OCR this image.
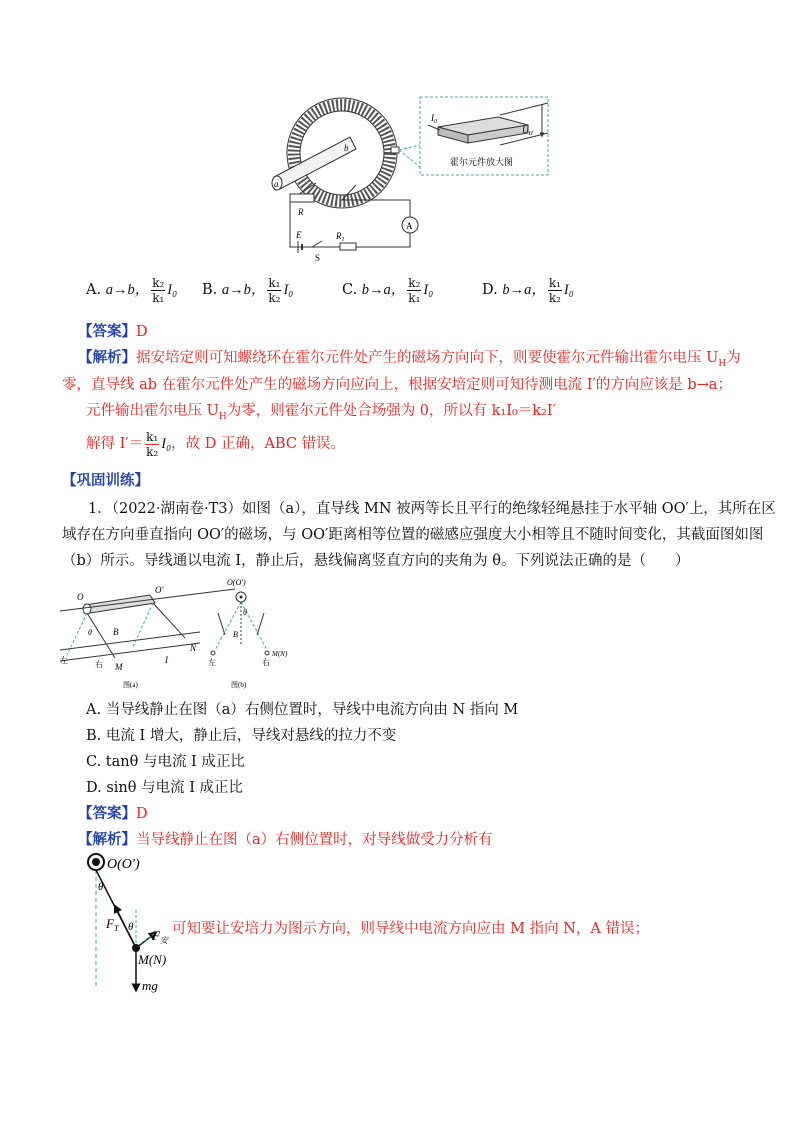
a
b
$I_0$
$U_H$
霍尔元件放大图
R
A
$R_1$
E
S
A. a→b， $\frac{\text{k₂}}{\text{k₁}} I_0$ B. a→b， $\frac{\text{k₁}}{\text{k₂}} I_0$	C. b→a， $\frac{\text{k₂}}{\text{k₁}} I_0$	D. b→a， $\frac{\text{k₁}}{\text{k₂}} I_0$
【答案】D
【解析】据安培定则可知螺绕环在霍尔元件处产生的磁场方向向下，则要使霍尔元件输出霍尔电压 $U_H$为
零，直导线 ab 在霍尔元件处产生的磁场方向应向上，根据安培定则可知待测电流 I′的方向应该是 b→a；
元件输出霍尔电压 $U_H$为零，则霍尔元件处合场强为 0，所以有 k₁I₀＝k₂I′
解得 $I'= \frac{\text{k₁}}{\text{k₂}} I_0$，故 D 正确，ABC 错误。
【巩固训练】
1．（2022·湖南卷·T3）如图（a），直导线 MN 被两等长且平行的绝缘轻绳悬挂于水平轴 OO′上，其所在区
域存在方向垂直指向 OO′的磁场，与 OO′距离相等位置的磁感应强度大小相等且不随时间变化，其截面图如图
（b）所示。导线通以电流 I，静止后，悬线偏离竖直方向的夹角为 θ。下列说法正确的是（　　）
O
O′
θ B
I
M
N
左	右
图(a)
O(O′)
θ
B
左	右
M(N)
图(b)
A. 当导线静止在图（a）右侧位置时，导线中电流方向由 N 指向 M
B. 电流 I 增大，静止后，导线对悬线的拉力不变
C. tanθ 与电流 I 成正比
D. sinθ 与电流 I 成正比
【答案】D
【解析】当导线静止在图（a）右侧位置时，对导线做受力分析有
O(O′)
θ
θ
$F_T$	$F_安$
M(N)
mg
可知要让安培力为图示方向，则导线中电流方向应由 M 指向 N，A 错误；
